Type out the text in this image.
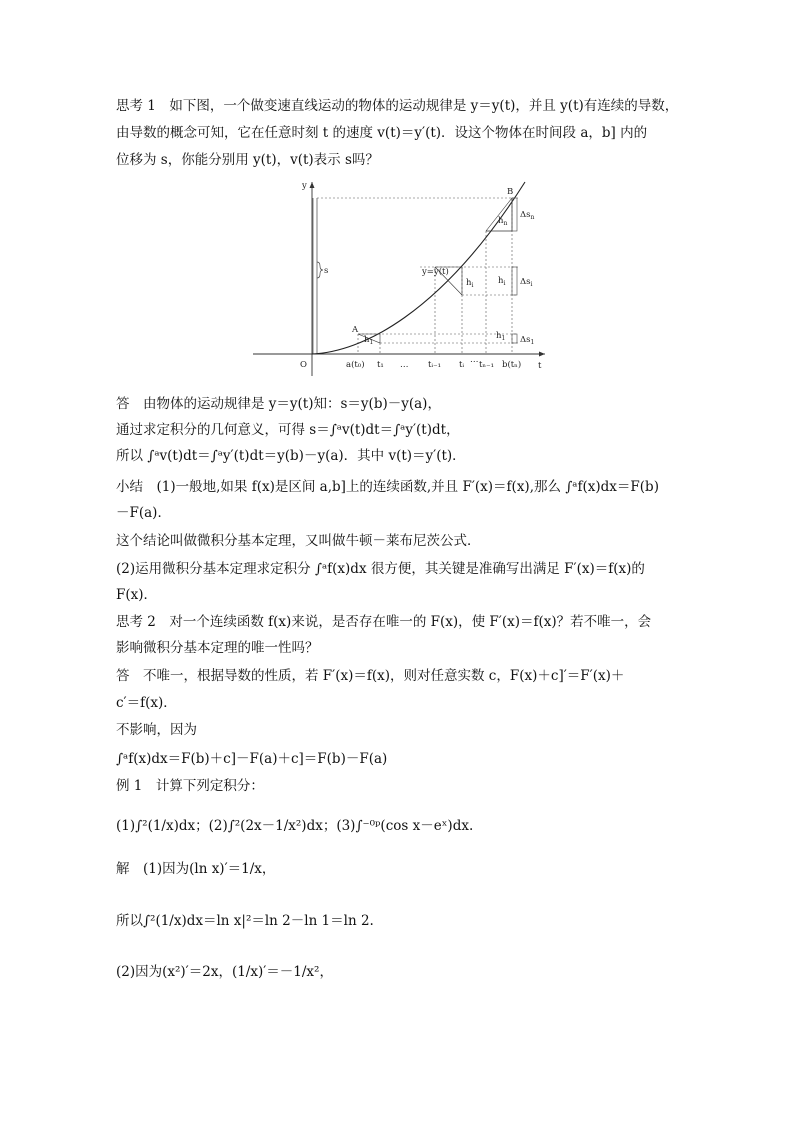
思考 1　如下图，一个做变速直线运动的物体的运动规律是 y＝y(t)，并且 y(t)有连续的导数，
由导数的概念可知，它在任意时刻 t 的速度 v(t)＝y′(t)．设这个物体在时间段 a，b] 内的
位移为 s，你能分别用 y(t)，v(t)表示 s吗？
y
t
O
s
$h_1$
$h_i$
$h_1$
$h_i$
$h_n$
$\Delta s_n$
$\Delta s_i$
$\Delta s_1$
A
B
y=y(t)
a(t₀) t₁ … tᵢ₋₁ tᵢ … tₙ₋₁ b(tₙ)
答　由物体的运动规律是 y＝y(t)知：s＝y(b)－y(a)，
通过求定积分的几何意义，可得 s＝∫ᵃv(t)dt＝∫ᵃy′(t)dt，
所以 ∫ᵃv(t)dt＝∫ᵃy′(t)dt＝y(b)－y(a)．其中 v(t)＝y′(t)．
小结　(1)一般地,如果 f(x)是区间 a,b]上的连续函数,并且 F′(x)＝f(x),那么 ∫ᵃf(x)dx＝F(b)
－F(a)．
这个结论叫做微积分基本定理，又叫做牛顿－莱布尼茨公式．
(2)运用微积分基本定理求定积分 ∫ᵃf(x)dx 很方便，其关键是准确写出满足 F′(x)＝f(x)的
F(x)．
思考 2　对一个连续函数 f(x)来说，是否存在唯一的 F(x)，使 F′(x)＝f(x)？若不唯一，会
影响微积分基本定理的唯一性吗？
答　不唯一，根据导数的性质，若 F′(x)＝f(x)，则对任意实数 c，F(x)＋c]′＝F′(x)＋
c′＝f(x)．
不影响，因为
∫ᵃf(x)dx＝F(b)＋c]－F(a)＋c]＝F(b)－F(a)
例 1　计算下列定积分：
(1)∫²(1/x)dx；(2)∫²(2x－1/x²)dx；(3)∫⁻⁰ᵖ(cos x－eˣ)dx.
解　(1)因为(ln x)′＝1/x，
所以∫²(1/x)dx＝ln x|²＝ln 2－ln 1＝ln 2.
(2)因为(x²)′＝2x，(1/x)′＝－1/x²，
